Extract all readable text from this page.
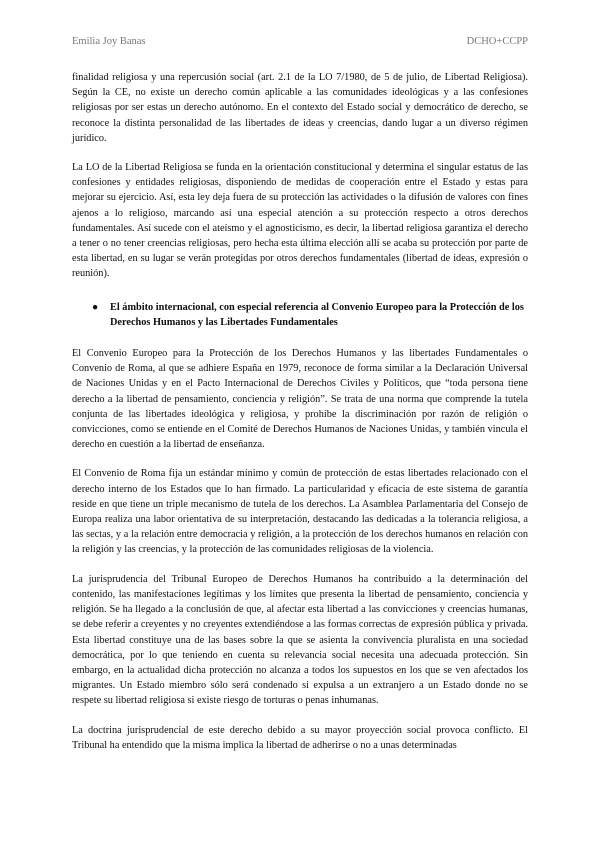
Emilia Joy Banas	DCHO+CCPP

finalidad religiosa y una repercusión social (art. 2.1 de la LO 7/1980, de 5 de julio, de Libertad Religiosa). Según la CE, no existe un derecho común aplicable a las comunidades ideológicas y a las confesiones religiosas por ser estas un derecho autónomo. En el contexto del Estado social y democrático de derecho, se reconoce la distinta personalidad de las libertades de ideas y creencias, dando lugar a un diverso régimen jurídico.

La LO de la Libertad Religiosa se funda en la orientación constitucional y determina el singular estatus de las confesiones y entidades religiosas, disponiendo de medidas de cooperación entre el Estado y estas para mejorar su ejercicio. Así, esta ley deja fuera de su protección las actividades o la difusión de valores con fines ajenos a lo religioso, marcando así una especial atención a su protección respecto a otros derechos fundamentales. Así sucede con el ateísmo y el agnosticismo, es decir, la libertad religiosa garantiza el derecho a tener o no tener creencias religiosas, pero hecha esta última elección allí se acaba su protección por parte de esta libertad, en su lugar se verán protegidas por otros derechos fundamentales (libertad de ideas, expresión o reunión).

●	El ámbito internacional, con especial referencia al Convenio Europeo para la Protección de los Derechos Humanos y las Libertades Fundamentales

El Convenio Europeo para la Protección de los Derechos Humanos y las libertades Fundamentales o Convenio de Roma, al que se adhiere España en 1979, reconoce de forma similar a la Declaración Universal de Naciones Unidas y en el Pacto Internacional de Derechos Civiles y Políticos, que “toda persona tiene derecho a la libertad de pensamiento, conciencia y religión”. Se trata de una norma que comprende la tutela conjunta de las libertades ideológica y religiosa, y prohíbe la discriminación por razón de religión o convicciones, como se entiende en el Comité de Derechos Humanos de Naciones Unidas, y también vincula el derecho en cuestión a la libertad de enseñanza.

El Convenio de Roma fija un estándar mínimo y común de protección de estas libertades relacionado con el derecho interno de los Estados que lo han firmado. La particularidad y eficacia de este sistema de garantía reside en que tiene un triple mecanismo de tutela de los derechos. La Asamblea Parlamentaria del Consejo de Europa realiza una labor orientativa de su interpretación, destacando las dedicadas a la tolerancia religiosa, a las sectas, y a la relación entre democracia y religión, a la protección de los derechos humanos en relación con la religión y las creencias, y la protección de las comunidades religiosas de la violencia.

La jurisprudencia del Tribunal Europeo de Derechos Humanos ha contribuido a la determinación del contenido, las manifestaciones legítimas y los límites que presenta la libertad de pensamiento, conciencia y religión. Se ha llegado a la conclusión de que, al afectar esta libertad a las convicciones y creencias humanas, se debe referir a creyentes y no creyentes extendiéndose a las formas correctas de expresión pública y privada. Esta libertad constituye una de las bases sobre la que se asienta la convivencia pluralista en una sociedad democrática, por lo que teniendo en cuenta su relevancia social necesita una adecuada protección. Sin embargo, en la actualidad dicha protección no alcanza a todos los supuestos en los que se ven afectados los migrantes. Un Estado miembro sólo será condenado si expulsa a un extranjero a un Estado donde no se respete su libertad religiosa si existe riesgo de torturas o penas inhumanas.

La doctrina jurisprudencial de este derecho debido a su mayor proyección social provoca conflicto. El Tribunal ha entendido que la misma implica la libertad de adherirse o no a unas determinadas
